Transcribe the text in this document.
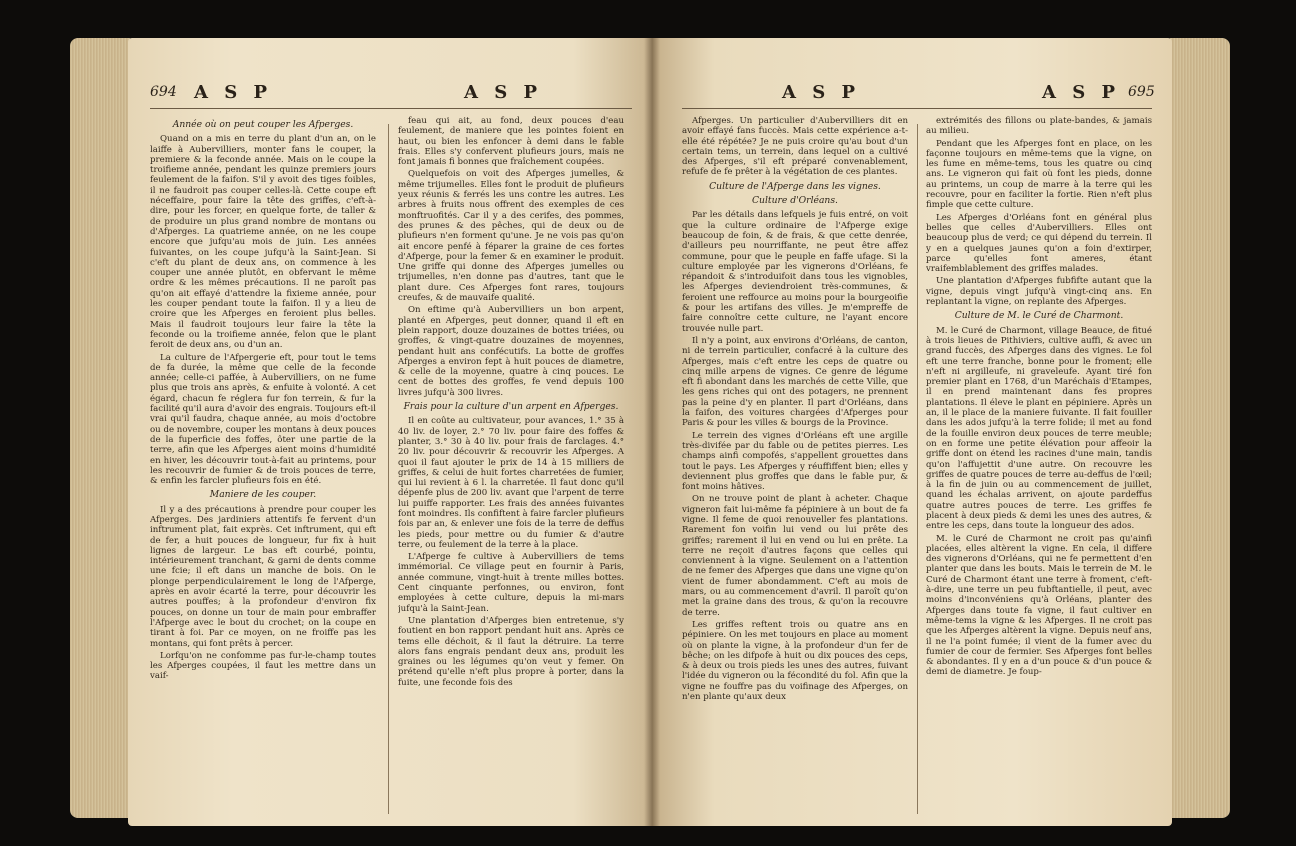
694 A S P	A S P

Année où on peut couper les Afperges.

Quand on a mis en terre du plant d'un an, on le laiffe à Aubervilliers, monter fans le couper, la premiere & la feconde année. Mais on le coupe la troifieme année, pendant les quinze premiers jours feulement de la faifon. S'il y avoit des tiges foibles, il ne faudroit pas couper celles-là. Cette coupe eft néceffaire, pour faire la tête des griffes, c'eft-à-dire, pour les forcer, en quelque forte, de taller & de produire un plus grand nombre de montans ou d'Afperges. La quatrieme année, on ne les coupe encore que jufqu'au mois de juin. Les années fuivantes, on les coupe jufqu'à la Saint-Jean. Si c'eft du plant de deux ans, on commence à les couper une année plutôt, en obfervant le même ordre & les mêmes précautions. Il ne paroît pas qu'on ait effayé d'attendre la fixieme année, pour les couper pendant toute la faifon. Il y a lieu de croire que les Afperges en feroient plus belles. Mais il faudroit toujours leur faire la tête la feconde ou la troifieme année, felon que le plant feroit de deux ans, ou d'un an.

La culture de l'Afpergerie eft, pour tout le tems de fa durée, la même que celle de la feconde année; celle-ci paffée, à Aubervilliers, on ne fume plus que trois ans après, & enfuite à volonté. A cet égard, chacun fe réglera fur fon terrein, & fur la facilité qu'il aura d'avoir des engrais. Toujours eft-il vrai qu'il faudra, chaque année, au mois d'octobre ou de novembre, couper les montans à deux pouces de la fuperficie des foffes, ôter une partie de la terre, afin que les Afperges aient moins d'humidité en hiver, les découvrir tout-à-fait au printems, pour les recouvrir de fumier & de trois pouces de terre, & enfin les farcler plufieurs fois en été.

Maniere de les couper.

Il y a des précautions à prendre pour couper les Afperges. Des jardiniers attentifs fe fervent d'un inftrument plat, fait exprès. Cet inftrument, qui eft de fer, a huit pouces de longueur, fur fix à huit lignes de largeur. Le bas eft courbé, pointu, intérieurement tranchant, & garni de dents comme une fcie; il eft dans un manche de bois. On le plonge perpendiculairement le long de l'Afperge, après en avoir écarté la terre, pour découvrir les autres pouffes; à la profondeur d'environ fix pouces, on donne un tour de main pour embraffer l'Afperge avec le bout du crochet; on la coupe en tirant à foi. Par ce moyen, on ne froiffe pas les montans, qui font prêts à percer.

Lorfqu'on ne confomme pas fur-le-champ toutes les Afperges coupées, il faut les mettre dans un vaif-

feau qui ait, au fond, deux pouces d'eau feulement, de maniere que les pointes foient en haut, ou bien les enfoncer à demi dans le fable frais. Elles s'y confervent plufieurs jours, mais ne font jamais fi bonnes que fraîchement coupées.

Quelquefois on voit des Afperges jumelles, & même trijumelles. Elles font le produit de plufieurs yeux réunis & ferrés les uns contre les autres. Les arbres à fruits nous offrent des exemples de ces monftruofités. Car il y a des cerifes, des pommes, des prunes & des pêches, qui de deux ou de plufieurs n'en forment qu'une. Je ne vois pas qu'on ait encore penfé à féparer la graine de ces fortes d'Afperge, pour la femer & en examiner le produit. Une griffe qui donne des Afperges jumelles ou trijumelles, n'en donne pas d'autres, tant que le plant dure. Ces Afperges font rares, toujours creufes, & de mauvaife qualité.

On eftime qu'à Aubervilliers un bon arpent, planté en Afperges, peut donner, quand il eft en plein rapport, douze douzaines de bottes triées, ou groffes, & vingt-quatre douzaines de moyennes, pendant huit ans confécutifs. La botte de groffes Afperges a environ fept à huit pouces de diametre, & celle de la moyenne, quatre à cinq pouces. Le cent de bottes des groffes, fe vend depuis 100 livres jufqu'à 300 livres.

Frais pour la culture d'un arpent en Afperges.

Il en coûte au cultivateur, pour avances, 1.° 35 à 40 liv. de loyer, 2.° 70 liv. pour faire des foffes & planter, 3.° 30 à 40 liv. pour frais de farclages. 4.° 20 liv. pour découvrir & recouvrir les Afperges. A quoi il faut ajouter le prix de 14 à 15 milliers de griffes, & celui de huit fortes charretées de fumier, qui lui revient à 6 l. la charretée. Il faut donc qu'il dépenfe plus de 200 liv. avant que l'arpent de terre lui puiffe rapporter. Les frais des années fuivantes font moindres. Ils confiftent à faire farcler plufieurs fois par an, & enlever une fois de la terre de deffus les pieds, pour mettre ou du fumier & d'autre terre, ou feulement de la terre à la place.

L'Afperge fe cultive à Aubervilliers de tems immémorial. Ce village peut en fournir à Paris, année commune, vingt-huit à trente milles bottes. Cent cinquante perfonnes, ou environ, font employées à cette culture, depuis la mi-mars jufqu'à la Saint-Jean.

Une plantation d'Afperges bien entretenue, s'y foutient en bon rapport pendant huit ans. Après ce tems elle déchoit, & il faut la détruire. La terre alors fans engrais pendant deux ans, produit les graines ou les légumes qu'on veut y femer. On prétend qu'elle n'eft plus propre à porter, dans la fuite, une feconde fois des

A S P	A S P 695

Afperges. Un particulier d'Aubervilliers dit en avoir effayé fans fuccès. Mais cette expérience a-t-elle été répétée? Je ne puis croire qu'au bout d'un certain tems, un terrein, dans lequel on a cultivé des Afperges, s'il eft préparé convenablement, refufe de fe prêter à la végétation de ces plantes.

Culture de l'Afperge dans les vignes.

Culture d'Orléans.

Par les détails dans lefquels je fuis entré, on voit que la culture ordinaire de l'Afperge exige beaucoup de foin, & de frais, & que cette denrée, d'ailleurs peu nourriffante, ne peut être affez commune, pour que le peuple en faffe ufage. Si la culture employée par les vignerons d'Orléans, fe répandoit & s'introduifoit dans tous les vignobles, les Afperges deviendroient très-communes, & feroient une reffource au moins pour la bourgeoifie & pour les artifans des villes. Je m'empreffe de faire connoître cette culture, ne l'ayant encore trouvée nulle part.

Il n'y a point, aux environs d'Orléans, de canton, ni de terrein particulier, confacré à la culture des Afperges, mais c'eft entre les ceps de quatre ou cinq mille arpens de vignes. Ce genre de légume eft fi abondant dans les marchés de cette Ville, que les gens riches qui ont des potagers, ne prennent pas la peine d'y en planter. Il part d'Orléans, dans la faifon, des voitures chargées d'Afperges pour Paris & pour les villes & bourgs de la Province.

Le terrein des vignes d'Orléans eft une argille très-divifée par du fable ou de petites pierres. Les champs ainfi compofés, s'appellent grouettes dans tout le pays. Les Afperges y réuffiffent bien; elles y deviennent plus groffes que dans le fable pur, & font moins hâtives.

On ne trouve point de plant à acheter. Chaque vigneron fait lui-même fa pépiniere à un bout de fa vigne. Il feme de quoi renouveller fes plantations. Rarement fon voifin lui vend ou lui prête des griffes; rarement il lui en vend ou lui en prête. La terre ne reçoit d'autres façons que celles qui conviennent à la vigne. Seulement on a l'attention de ne femer des Afperges que dans une vigne qu'on vient de fumer abondamment. C'eft au mois de mars, ou au commencement d'avril. Il paroît qu'on met la graine dans des trous, & qu'on la recouvre de terre.

Les griffes reftent trois ou quatre ans en pépiniere. On les met toujours en place au moment où on plante la vigne, à la profondeur d'un fer de bêche; on les difpofe à huit ou dix pouces des ceps, & à deux ou trois pieds les unes des autres, fuivant l'idée du vigneron ou la fécondité du fol. Afin que la vigne ne fouffre pas du voifinage des Afperges, on n'en plante qu'aux deux

extrémités des fillons ou plate-bandes, & jamais au milieu.

Pendant que les Afperges font en place, on les façonne toujours en même-tems que la vigne, on les fume en même-tems, tous les quatre ou cinq ans. Le vigneron qui fait où font les pieds, donne au printems, un coup de marre à la terre qui les recouvre, pour en faciliter la fortie. Rien n'eft plus fimple que cette culture.

Les Afperges d'Orléans font en général plus belles que celles d'Aubervilliers. Elles ont beaucoup plus de verd; ce qui dépend du terrein. Il y en a quelques jaunes qu'on a foin d'extirper, parce qu'elles font ameres, étant vraifemblablement des griffes malades.

Une plantation d'Afperges fubfifte autant que la vigne, depuis vingt jufqu'à vingt-cinq ans. En replantant la vigne, on replante des Afperges.

Culture de M. le Curé de Charmont.

M. le Curé de Charmont, village Beauce, de fitué à trois lieues de Pithiviers, cultive auffi, & avec un grand fuccès, des Afperges dans des vignes. Le fol eft une terre franche, bonne pour le froment; elle n'eft ni argilleufe, ni graveleufe. Ayant tiré fon premier plant en 1768, d'un Maréchais d'Etampes, il en prend maintenant dans fes propres plantations. Il éleve le plant en pépiniere. Après un an, il le place de la maniere fuivante. Il fait fouiller dans les ados jufqu'à la terre folide; il met au fond de la fouille environ deux pouces de terre meuble; on en forme une petite élévation pour affeoir la griffe dont on étend les racines d'une main, tandis qu'on l'affujettit d'une autre. On recouvre les griffes de quatre pouces de terre au-deffus de l'œil; à la fin de juin ou au commencement de juillet, quand les échalas arrivent, on ajoute pardeffus quatre autres pouces de terre. Les griffes fe placent à deux pieds & demi les unes des autres, & entre les ceps, dans toute la longueur des ados.

M. le Curé de Charmont ne croit pas qu'ainfi placées, elles altèrent la vigne. En cela, il differe des vignerons d'Orléans, qui ne fe permettent d'en planter que dans les bouts. Mais le terrein de M. le Curé de Charmont étant une terre à froment, c'eft-à-dire, une terre un peu fubftantielle, il peut, avec moins d'inconvéniens qu'à Orléans, planter des Afperges dans toute fa vigne, il faut cultiver en même-tems la vigne & les Afperges. Il ne croit pas que les Afperges altèrent la vigne. Depuis neuf ans, il ne l'a point fumée; il vient de la fumer avec du fumier de cour de fermier. Ses Afperges font belles & abondantes. Il y en a d'un pouce & d'un pouce & demi de diametre. Je foup-
